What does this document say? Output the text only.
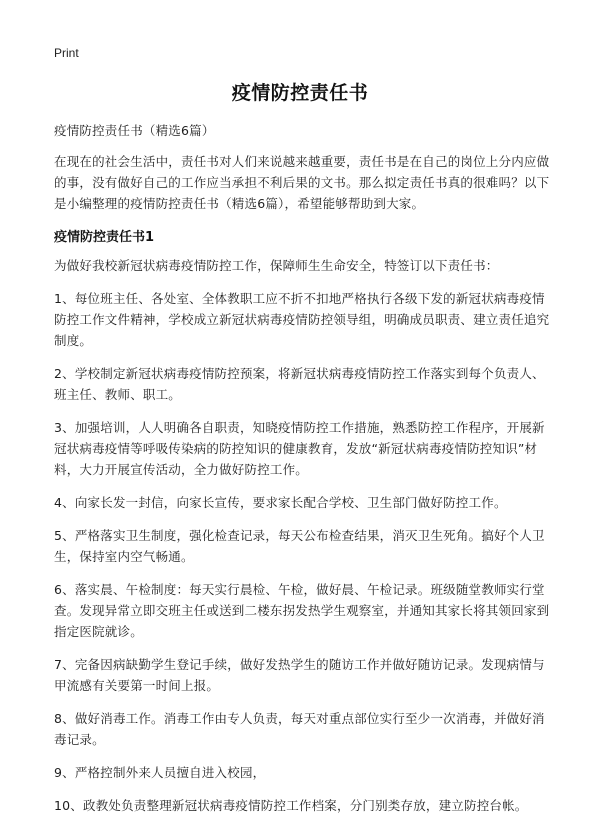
Print
疫情防控责任书

疫情防控责任书（精选6篇）

在现在的社会生活中，责任书对人们来说越来越重要，责任书是在自己的岗位上分内应做的事，没有做好自己的工作应当承担不利后果的文书。那么拟定责任书真的很难吗？以下是小编整理的疫情防控责任书（精选6篇），希望能够帮助到大家。

疫情防控责任书1

为做好我校新冠状病毒疫情防控工作，保障师生生命安全，特签订以下责任书：

1、每位班主任、各处室、全体教职工应不折不扣地严格执行各级下发的新冠状病毒疫情防控工作文件精神，学校成立新冠状病毒疫情防控领导组，明确成员职责、建立责任追究制度。

2、学校制定新冠状病毒疫情防控预案，将新冠状病毒疫情防控工作落实到每个负责人、班主任、教师、职工。

3、加强培训，人人明确各自职责，知晓疫情防控工作措施，熟悉防控工作程序，开展新冠状病毒疫情等呼吸传染病的防控知识的健康教育，发放“新冠状病毒疫情防控知识”材料，大力开展宣传活动，全力做好防控工作。

4、向家长发一封信，向家长宣传，要求家长配合学校、卫生部门做好防控工作。

5、严格落实卫生制度，强化检查记录，每天公布检查结果，消灭卫生死角。搞好个人卫生，保持室内空气畅通。

6、落实晨、午检制度：每天实行晨检、午检，做好晨、午检记录。班级随堂教师实行堂查。发现异常立即交班主任或送到二楼东拐发热学生观察室，并通知其家长将其领回家到指定医院就诊。

7、完备因病缺勤学生登记手续，做好发热学生的随访工作并做好随访记录。发现病情与甲流感有关要第一时间上报。

8、做好消毒工作。消毒工作由专人负责，每天对重点部位实行至少一次消毒，并做好消毒记录。

9、严格控制外来人员擅自进入校园，

10、政教处负责整理新冠状病毒疫情防控工作档案，分门别类存放，建立防控台帐。
